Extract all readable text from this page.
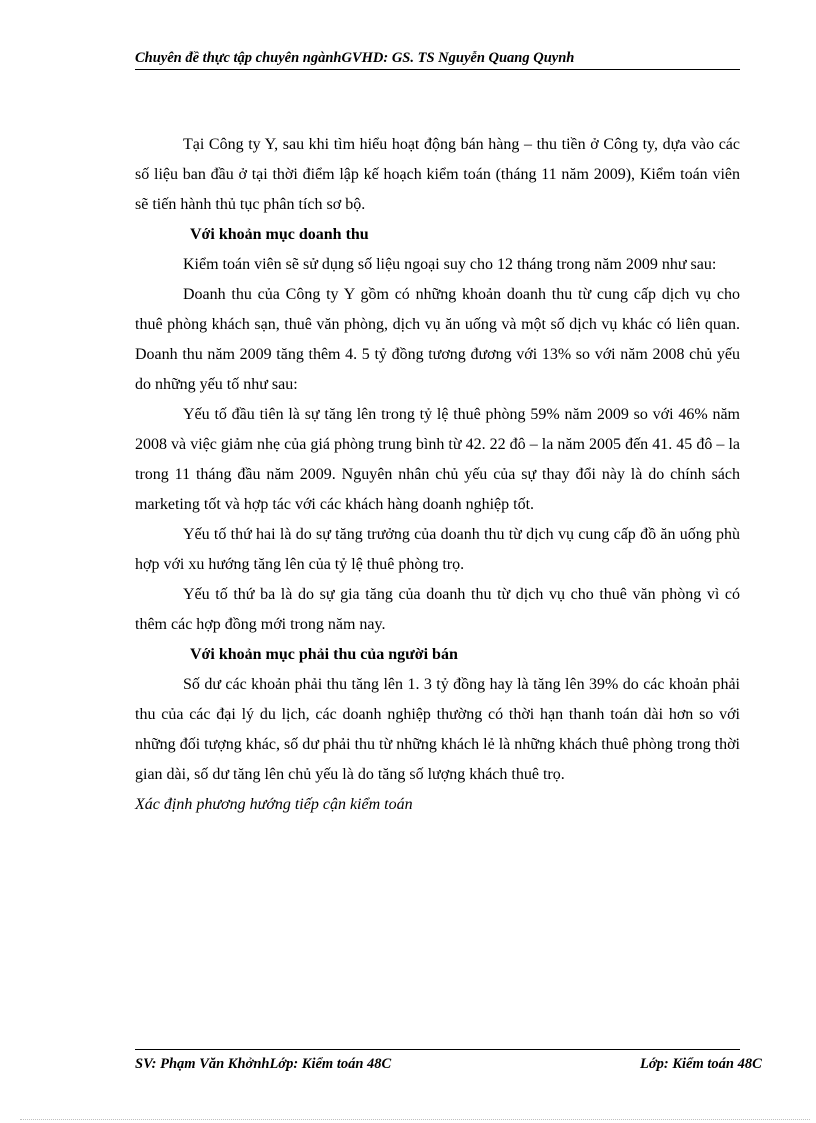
Chuyên đề thực tập chuyên ngànhGVHD: GS. TS Nguyễn Quang Quynh

Tại Công ty Y, sau khi tìm hiểu hoạt động bán hàng – thu tiền ở Công ty, dựa vào các số liệu ban đầu ở tại thời điểm lập kế hoạch kiểm toán (tháng 11 năm 2009), Kiểm toán viên sẽ tiến hành thủ tục phân tích sơ bộ.

Với khoản mục doanh thu

Kiểm toán viên sẽ sử dụng số liệu ngoại suy cho 12 tháng trong năm 2009 như sau:

Doanh thu của Công ty Y gồm có những khoản doanh thu từ cung cấp dịch vụ cho thuê phòng khách sạn, thuê văn phòng, dịch vụ ăn uống và một số dịch vụ khác có liên quan. Doanh thu năm 2009 tăng thêm 4. 5 tỷ đồng tương đương với 13% so với năm 2008 chủ yếu do những yếu tố như sau:

Yếu tố đầu tiên là sự tăng lên trong tỷ lệ thuê phòng 59% năm 2009 so với 46% năm 2008 và việc giảm nhẹ của giá phòng trung bình từ 42. 22 đô – la năm 2005 đến 41. 45 đô – la trong 11 tháng đầu năm 2009. Nguyên nhân chủ yếu của sự thay đổi này là do chính sách marketing tốt và hợp tác với các khách hàng doanh nghiệp tốt.

Yếu tố thứ hai là do sự tăng trưởng của doanh thu từ dịch vụ cung cấp đồ ăn uống phù hợp với xu hướng tăng lên của tỷ lệ thuê phòng trọ.

Yếu tố thứ ba là do sự gia tăng của doanh thu từ dịch vụ cho thuê văn phòng vì có thêm các hợp đồng mới trong năm nay.

Với khoản mục phải thu của người bán

Số dư các khoản phải thu tăng lên 1. 3 tỷ đồng hay là tăng lên 39% do các khoản phải thu của các đại lý du lịch, các doanh nghiệp thường có thời hạn thanh toán dài hơn so với những đối tượng khác, số dư phải thu từ những khách lẻ là những khách thuê phòng trong thời gian dài, số dư tăng lên chủ yếu là do tăng số lượng khách thuê trọ.

Xác định phương hướng tiếp cận kiểm toán

SV: Phạm Văn KhởnhLớp: Kiểm toán 48C	Lớp: Kiểm toán 48C
